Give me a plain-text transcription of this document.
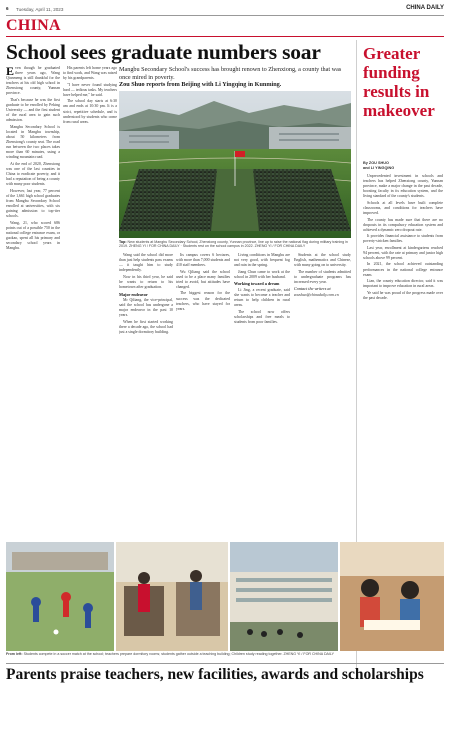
6 Tuesday, April 11, 2023	CHINA DAILY
CHINA
School sees graduate numbers soar

Even though he graduated three years ago, Wang Qianmeng is still thankful for the teachers at his old high school in Zhenxiong county, Yunnan province.

That's because he was the first graduate to be enrolled by Peking University — and the first student of the rural area to gain such admission.

Mangbu Secondary School is located in Mangbu township, about 50 kilometers from Zhenxiong's county seat. The road run between the two places takes more than 60 minutes, using a winding mountain road.

At the end of 2020, Zhenxiong was one of the last counties in China to eradicate poverty, and it had a reputation of being a county with many poor students.

However, last year, 77 percent of the 1,661 high school graduates from Mangbu Secondary School enrolled at universities, with six gaining admission to top-tier schools.

Wang, 21, who scored 686 points out of a possible 750 in the national college entrance exam, or gaokao, spent all his primary and secondary school years in Mangbu.

His parents left home years ago to find work, and Wang was raised by his grandparents.

"I have never found studying hard — tedious tasks. My teachers have helped me," he said.

The school day starts at 6:30 am and ends at 10:30 pm. It is a strict, repetitive schedule, and is understood by students who come from rural areas.

Mangbu Secondary School's success has brought renown to Zhenxiong, a county that was once mired in poverty.
Zou Shuo reports from Beijing with Li Yingqing in Kunming.
Top: New students at Mangbu Secondary School, Zhenxiong county, Yunnan province, line up to raise the national flag during military training in 2019. ZHENG YI / FOR CHINA DAILY · Students rest on the school campus in 2022. ZHENG YI / FOR CHINA DAILY

Wang said the school did more than just help students pass exams — it taught him to study independently.

Now in his third year, he said he wants to return to his hometown after graduation.

Major endeavor

Mr Qiliang, the vice-principal, said the school has undergone a major endeavor in the past 10 years.

When he first started working there a decade ago, the school had just a single dormitory building.

Its campus covers 6 hectares, with more than 7,000 students and 410 staff members.

Wu Qiliang said the school used to be a place many families tried to avoid, but attitudes have changed.

The biggest reason for the success was the dedicated teachers, who have stayed for years.

Living conditions in Mangbu are not very good, with frequent fog and rain in the spring.

Jiang Chun came to work at the school in 2009 with her husband.

Working toward a dream

Li Jing, a recent graduate, said she wants to become a teacher and return to help children in rural areas.

The school now offers scholarships and free meals to students from poor families.

Students at the school study English, mathematics and Chinese, with many going on to university.

The number of students admitted to undergraduate programs has increased every year.

Contact the writers at

zoushuo@chinadaily.com.cn

Greater funding results in makeover
By ZOU SHUO
and LI YINGQING

Unprecedented investment in schools and teachers has helped Zhenxiong county, Yunnan province, make a major change in the past decade, boosting faculty in its education system, and the living standard of the county's students.

Schools at all levels have built complete classrooms, and conditions for teachers have improved.

The county has made sure that there are no dropouts in its compulsory education system and achieved a dynamic zero dropout rate.

It provides financial assistance to students from poverty-stricken families.

Last year, enrollment at kindergartens reached 94 percent, with the rate at primary and junior high schools above 99 percent.

In 2021, the school achieved outstanding performances in the national college entrance exam.

Lian, the county education director, said it was important to improve education in rural areas.

Ye said he was proud of the progress made over the past decade.

From left: Students compete in a soccer match at the school; teachers prepare dormitory rooms; students gather outside a teaching building; Children study reading together. ZHENG YI / FOR CHINA DAILY
Parents praise teachers, new facilities, awards and scholarships
